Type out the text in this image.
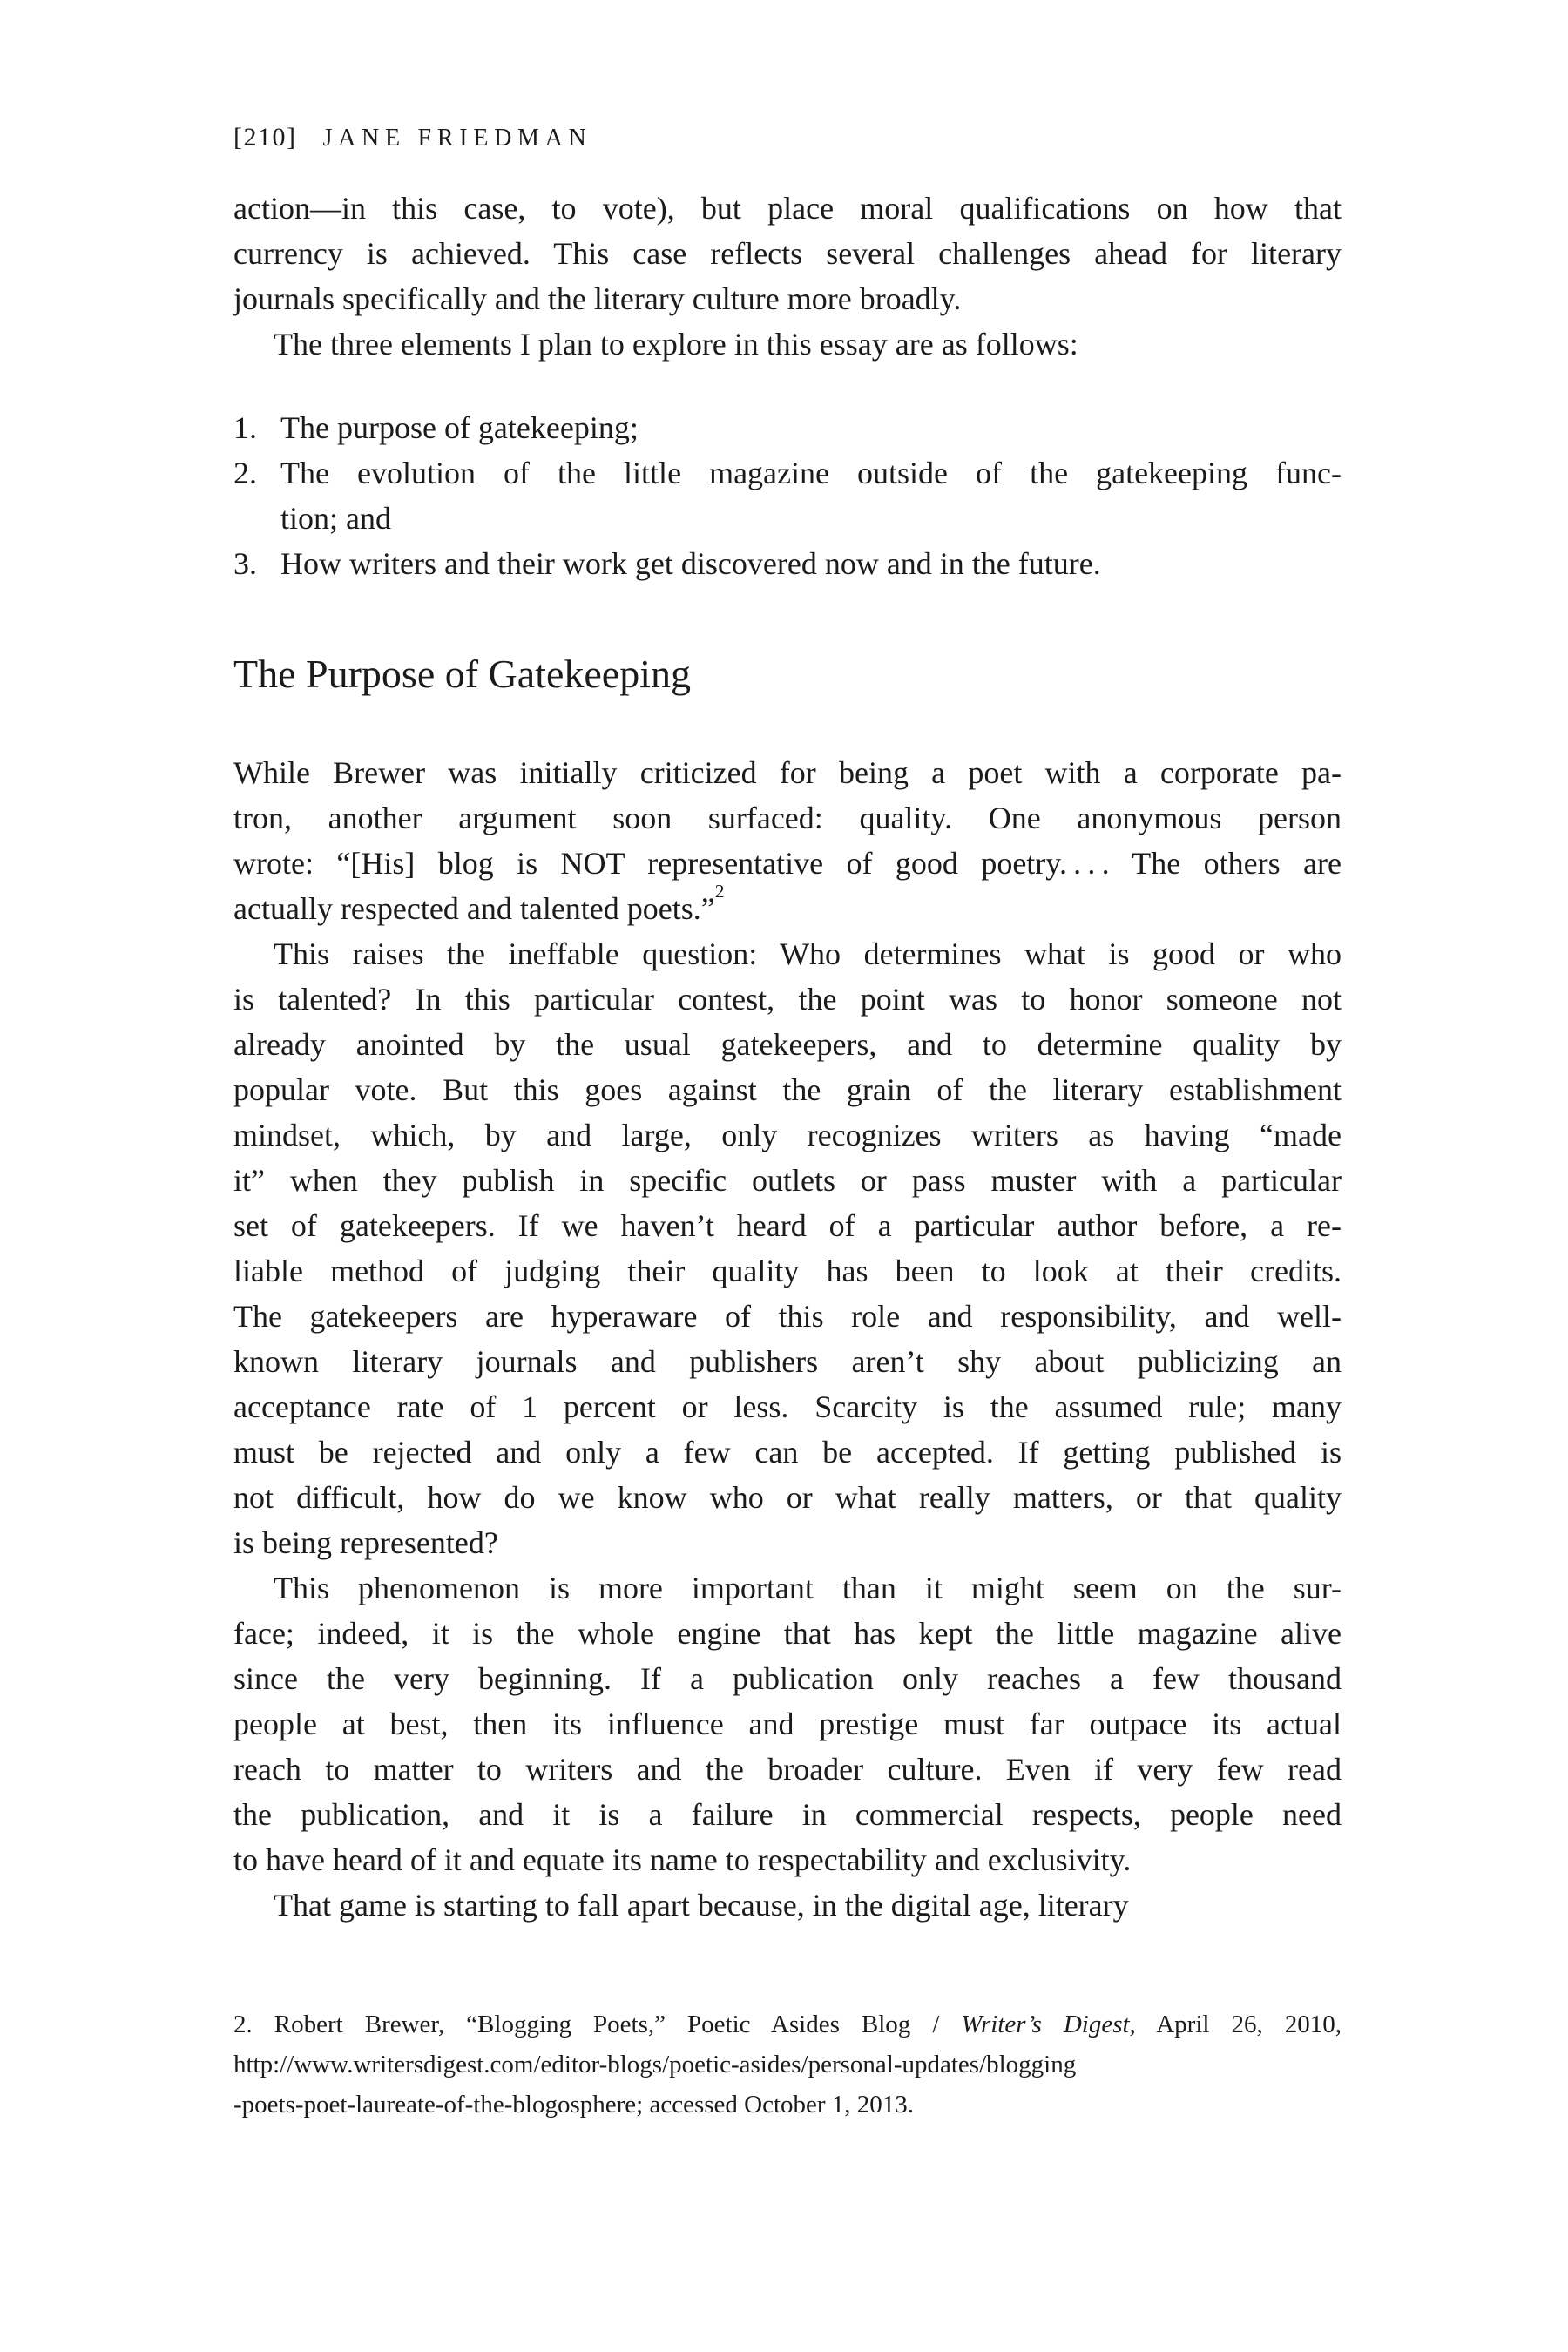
[210] JANE FRIEDMAN
action—in this case, to vote), but place moral qualifications on how that
currency is achieved. This case reflects several challenges ahead for literary
journals specifically and the literary culture more broadly.
The three elements I plan to explore in this essay are as follows:
1. The purpose of gatekeeping;
2. The evolution of the little magazine outside of the gatekeeping func-
tion; and
3. How writers and their work get discovered now and in the future.
The Purpose of Gatekeeping
While Brewer was initially criticized for being a poet with a corporate pa-
tron, another argument soon surfaced: quality. One anonymous person
wrote: “[His] blog is NOT representative of good poetry. . . . The others are
actually respected and talented poets.”$^2$
This raises the ineffable question: Who determines what is good or who
is talented? In this particular contest, the point was to honor someone not
already anointed by the usual gatekeepers, and to determine quality by
popular vote. But this goes against the grain of the literary establishment
mindset, which, by and large, only recognizes writers as having “made
it” when they publish in specific outlets or pass muster with a particular
set of gatekeepers. If we haven’t heard of a particular author before, a re-
liable method of judging their quality has been to look at their credits.
The gatekeepers are hyperaware of this role and responsibility, and well-
known literary journals and publishers aren’t shy about publicizing an
acceptance rate of 1 percent or less. Scarcity is the assumed rule; many
must be rejected and only a few can be accepted. If getting published is
not difficult, how do we know who or what really matters, or that quality
is being represented?
This phenomenon is more important than it might seem on the sur-
face; indeed, it is the whole engine that has kept the little magazine alive
since the very beginning. If a publication only reaches a few thousand
people at best, then its influence and prestige must far outpace its actual
reach to matter to writers and the broader culture. Even if very few read
the publication, and it is a failure in commercial respects, people need
to have heard of it and equate its name to respectability and exclusivity.
That game is starting to fall apart because, in the digital age, literary
2. Robert Brewer, “Blogging Poets,” Poetic Asides Blog / Writer’s Digest, April 26, 2010,
http://www.writersdigest.com/editor-blogs/poetic-asides/personal-updates/blogging
-poets-poet-laureate-of-the-blogosphere; accessed October 1, 2013.
